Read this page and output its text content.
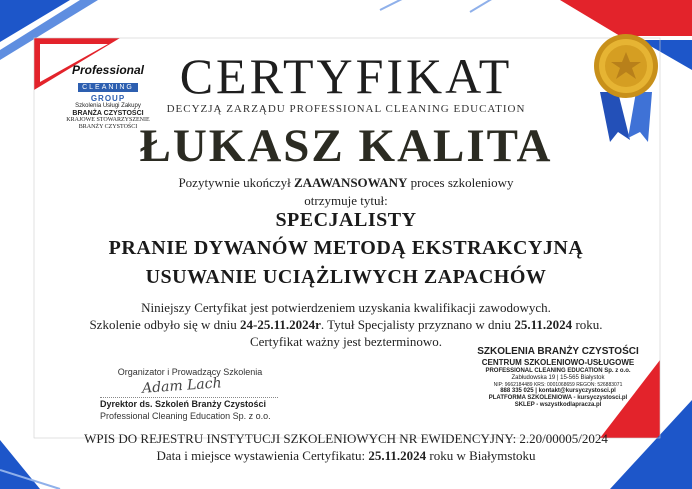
Professional
CLEANING
GROUP
Szkolenia Usługi Zakupy
BRANŻA CZYSTOŚCI
KRAJOWE STOWARZYSZENIE
BRANŻY CZYSTOŚCI
CERTYFIKAT
DECYZJĄ ZARZĄDU PROFESSIONAL CLEANING EDUCATION
ŁUKASZ KALITA
Pozytywnie ukończył ZAAWANSOWANY proces szkoleniowy
otrzymuje tytuł:
SPECJALISTY
PRANIE DYWANÓW METODĄ EKSTRAKCYJNĄ
USUWANIE UCIĄŻLIWYCH ZAPACHÓW
Niniejszy Certyfikat jest potwierdzeniem uzyskania kwalifikacji zawodowych.
Szkolenie odbyło się w dniu 24-25.11.2024r. Tytuł Specjalisty przyznano w dniu 25.11.2024 roku.
Certyfikat ważny jest bezterminowo.
Organizator i Prowadzący Szkolenia
Adam Lach
Dyrektor ds. Szkoleń Branży Czystości
Professional Cleaning Education Sp. z o.o.
SZKOLENIA BRANŻY CZYSTOŚCI
CENTRUM SZKOLENIOWO-USŁUGOWE
PROFESSIONAL CLEANING EDUCATION Sp. z o.o.
Zabłudowska 19 | 15-565 Białystok
NIP: 9662184489 KRS: 0001068659 REGON: 526883071
888 335 025 | kontakt@kursyczystosci.pl
PLATFORMA SZKOLENIOWA - kursyczystosci.pl
SKLEP - wszystkodlapracza.pl
WPIS DO REJESTRU INSTYTUCJI SZKOLENIOWYCH NR EWIDENCYJNY: 2.20/00005/2024
Data i miejsce wystawienia Certyfikatu: 25.11.2024 roku w Białymstoku
